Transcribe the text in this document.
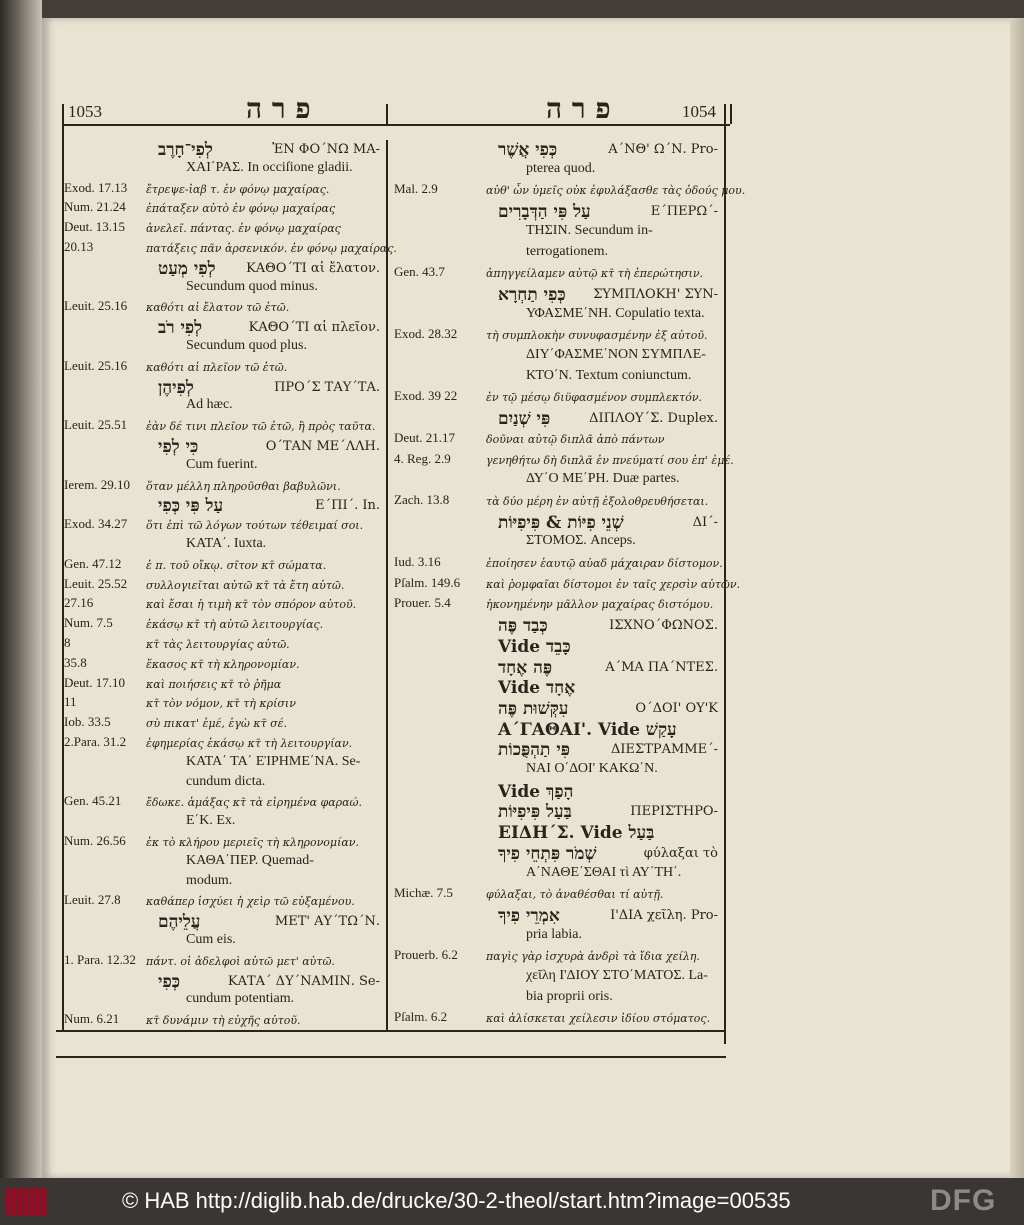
1053	פ ר ה	פ ר ה	1054
לְפִי־חָרֶב	ἘΝ ΦΟ΄ΝΩ ΜΑ-
ΧΑΙ΄ΡΑΣ. In occiſione gladii.
Exod. 17.13 ἔτρεψε-ἰαβ τ. ἐν φόνῳ μαχαίρας.
Num. 21.24 ἐπάταξεν αὐτὸ ἐν φόνῳ μαχαίρας
Deut. 13.15 ἀνελεῖ. πάντας. ἐν φόνῳ μαχαίρας
20.13	πατάξεις πᾶν ἀρσενικόν. ἐν φόνῳ μαχαίρας.
לְפִי מְעַט ΚΑΘΟ΄ΤΙ αἱ ἔλατον.
Secundum quod minus.
Leuit. 25.16 καθότι αἱ ἔλατον τῶ ἐτῶ.
לְפִי רֹב	ΚΑΘΟ΄ΤΙ αἱ πλεῖον.
Secundum quod plus.
Leuit. 25.16 καθότι αἱ πλεῖον τῶ ἐτῶ.
לְפִיהֶן	ΠΡΟ΄Σ ΤΑΥ΄ΤΑ.
Ad hæc.
Leuit. 25.51 ἐὰν δέ τινι πλεῖον τῶ ἐτῶ, ἢ πρὸς ταῦτα.
כִּי לְפִי	Ο΄ΤΑΝ ΜΕ΄ΛΛΗ.
Cum fuerint.
Ierem. 29.10 ὅταν μέλλη πληροῦσθαι βαβυλῶνι.
עַל פִּי כְּפִי	Ε΄ΠΙ΄. In.
Exod. 34.27 ὅτι ἐπὶ τῶ λόγων τούτων τέθειμαί σοι.
ΚΑΤΑ΄. Iuxta.
Gen. 47.12 ἐ π. τοῦ οἴκῳ. σῖτον κτ̄ σώματα.
Leuit. 25.52 συλλογιεῖται αὐτῶ κτ̄ τὰ ἔτη αὐτῶ.
27.16	καὶ ἔσαι ἡ τιμὴ κτ̄ τὸν σπόρον αὐτοῦ.
Num. 7.5	ἑκάσῳ κτ̄ τὴ αὐτῶ λειτουργίας.
8	κτ̄ τὰς λειτουργίας αὐτῶ.
35.8	ἕκασος κτ̄ τὴ κληρονομίαν.
Deut. 17.10 καὶ ποιήσεις κτ̄ τὸ ῥῆμα
11	κτ̄ τὸν νόμον, κτ̄ τὴ κρίσιν
Iob. 33.5	σὺ πικατ' ἐμέ, ἐγὼ κτ̄ σέ.
2.Para. 31.2 ἐφημερίας ἑκάσῳ κτ̄ τὴ λειτουργίαν.
ΚΑΤΑ΄ ΤΑ΄ ΕἸΡΗΜΕ΄ΝΑ. Se-
cundum dicta.
Gen. 45.21 ἔδωκε. ἁμάξας κτ̄ τὰ εἰρημένα φαραώ.
Ε΄Κ. Ex.
Num. 26.56 ἐκ τὸ κλήρου μεριεῖς τὴ κληρονομίαν.
ΚΑΘΑ΄ΠΕΡ. Quemad-
modum.
Leuit. 27.8 καθάπερ ἰσχύει ἡ χεὶρ τῶ εὐξαμένου.
עֲלֵיהֶם	ΜΕΤ' ΑΥ΄ΤΩ΄Ν.
Cum eis.
1. Para. 12.32 πάντ. οἱ ἀδελφοὶ αὐτῶ μετ' αὐτῶ.
כְּפִי	ΚΑΤΑ΄ ΔΥ΄ΝΑΜΙΝ. Se-
cundum potentiam.
Num. 6.21 κτ̄ δυνάμιν τὴ εὐχῆς αὐτοῦ.
כְּפִי אֲשֶׁר	Α΄ΝΘ' Ω΄Ν. Pro-
pterea quod.
Mal. 2.9	αὐθ' ὧν ὑμεῖς οὐκ ἐφυλάξασθε τὰς ὁδούς μου.
עַל פִּי הַדְּבָרִים	Ε΄ΠΕΡΩ΄-
ΤΗΣΙΝ. Secundum in-
terrogationem.
Gen. 43.7	ἀπηγγείλαμεν αὐτῷ κτ̄ τὴ ἐπερώτησιν.
כְּפִי תַחְרָא ΣΥΜΠΛΟΚΗ' ΣΥΝ-
ΥΦΑΣΜΕ΄ΝΗ. Copulatio texta.
Exod. 28.32	τὴ συμπλοκὴν συνυφασμένην ἐξ αὐτοῦ.
ΔΙΥ΄ΦΑΣΜΕ΄ΝΟΝ ΣΥΜΠΛΕ-
ΚΤΟ΄Ν. Textum coniunctum.
Exod. 39 22	ἐν τῷ μέσῳ διϋφασμένον συμπλεκτόν.
פִּי שְׁנַיִם	ΔΙΠΛΟΥ΄Σ. Duplex.
Deut. 21.17	δοῦναι αὐτῷ διπλᾶ ἀπὸ πάντων
4. Reg. 2.9	γενηθήτω δὴ διπλᾶ ἐν πνεύματί σου ἐπ' ἐμέ.
ΔΥ΄Ο ΜΕ΄ΡΗ. Duæ partes.
Zach. 13.8	τὰ δύο μέρη ἐν αὐτῇ ἐξολοθρευθήσεται.
שְׁנֵי פִיּוֹת & פִּיפִיּוֹת	ΔΙ΄-
ΣΤΟΜΟΣ. Anceps.
Iud. 3.16	ἐποίησεν ἑαυτῷ αὐαδ μάχαιραν δίστομον.
Pſalm. 149.6 καὶ ῥομφαῖαι δίστομοι ἐν ταῖς χερσὶν αὐτῶν.
Prouer. 5.4	ἠκονημένην μᾶλλον μαχαίρας διστόμου.
כְּבַד פֶּה	ΙΣΧΝΟ΄ΦΩΝΟΣ.
Vide כָּבֵד
פֶּה אֶחָד	Α΄ΜΑ ΠΑ΄ΝΤΕΣ.
Vide אֶחָד
עִקְּשׁוּת פֶּה	Ο΄ΔΟΙ' ΟΥ'Κ
Α΄ΓΑΘΑΙ'. Vide עָקַשׁ
פִּי תַהְפֻּכוֹת	ΔΙΕΣΤΡΑΜΜΕ΄-
ΝΑΙ Ο΄ΔΟΙ' ΚΑΚΩ΄Ν.
Vide הָפַךְ
בַּעַל פִּיפִיּוֹת	ΠΕΡΙΣΤΗΡΟ-
ΕΙΔΗ΄Σ. Vide בַּעַל
שְׁמֹר פִּתְחֵי פִיךָ	φύλαξαι τὸ
Α΄ΝΑΘΕ΄ΣΘΑΙ τὶ ΑΥ΄ΤΗ΄.
Michæ. 7.5	φύλαξαι, τὸ ἀναθέσθαι τί αὐτῇ.
אִמְרֵי פִיךָ	Ι'ΔΙΑ χεῖλη. Pro-
pria labia.
Prouerb. 6.2	παγὶς γὰρ ἰσχυρὰ ἀνδρὶ τὰ ἴδια χείλη.
χεῖλη Ι'ΔΙΟΥ ΣΤΟ΄ΜΑΤΟΣ. La-
bia proprii oris.
Pſalm. 6.2	καὶ ἁλίσκεται χείλεσιν ἰδίου στόματος.
© HAB http://diglib.hab.de/drucke/30-2-theol/start.htm?image=00535	DFG
